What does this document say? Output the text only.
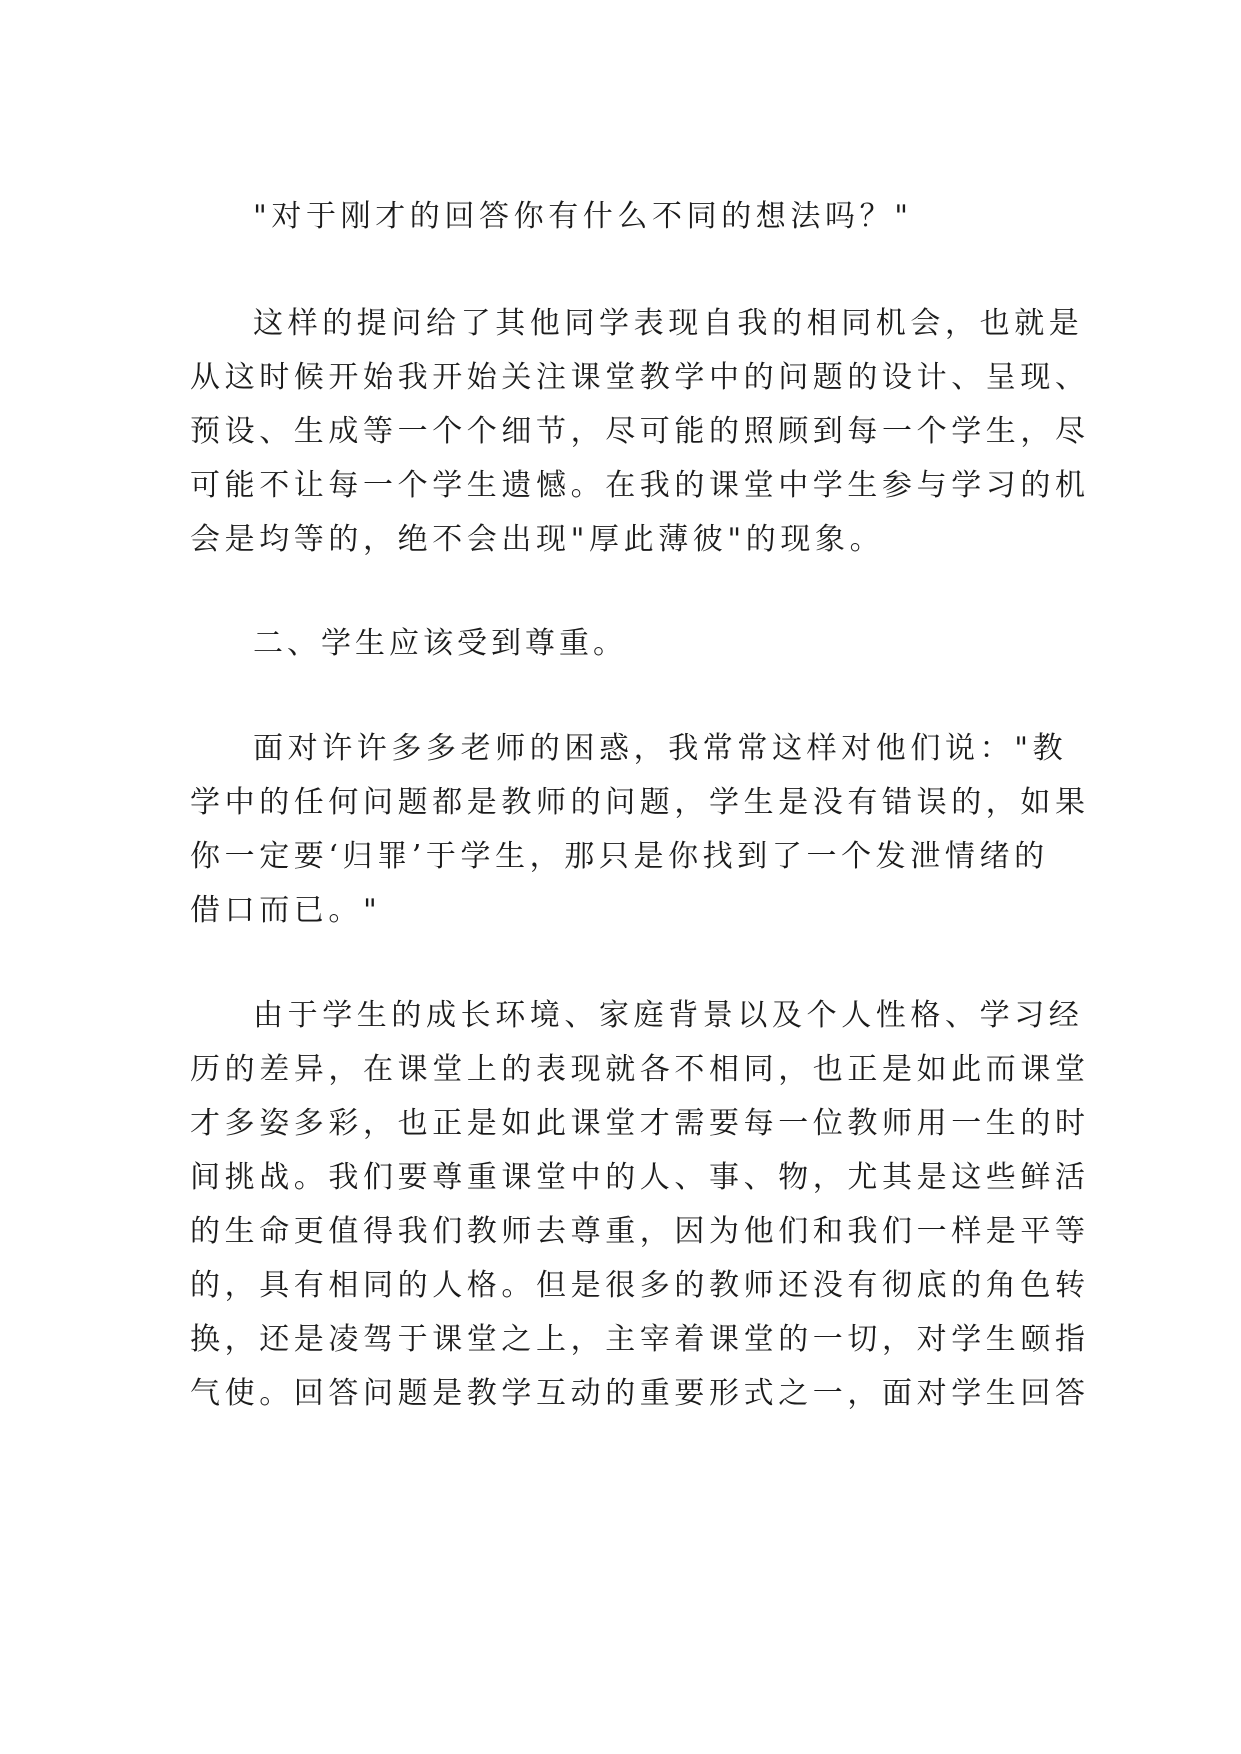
"对于刚才的回答你有什么不同的想法吗？"
这样的提问给了其他同学表现自我的相同机会，也就是
从这时候开始我开始关注课堂教学中的问题的设计、呈现、
预设、生成等一个个细节，尽可能的照顾到每一个学生，尽
可能不让每一个学生遗憾。在我的课堂中学生参与学习的机
会是均等的，绝不会出现"厚此薄彼"的现象。
二、学生应该受到尊重。
面对许许多多老师的困惑，我常常这样对他们说："教
学中的任何问题都是教师的问题，学生是没有错误的，如果
你一定要‘归罪’于学生，那只是你找到了一个发泄情绪的
借口而已。"
由于学生的成长环境、家庭背景以及个人性格、学习经
历的差异，在课堂上的表现就各不相同，也正是如此而课堂
才多姿多彩，也正是如此课堂才需要每一位教师用一生的时
间挑战。我们要尊重课堂中的人、事、物，尤其是这些鲜活
的生命更值得我们教师去尊重，因为他们和我们一样是平等
的，具有相同的人格。但是很多的教师还没有彻底的角色转
换，还是凌驾于课堂之上，主宰着课堂的一切，对学生颐指
气使。回答问题是教学互动的重要形式之一，面对学生回答
